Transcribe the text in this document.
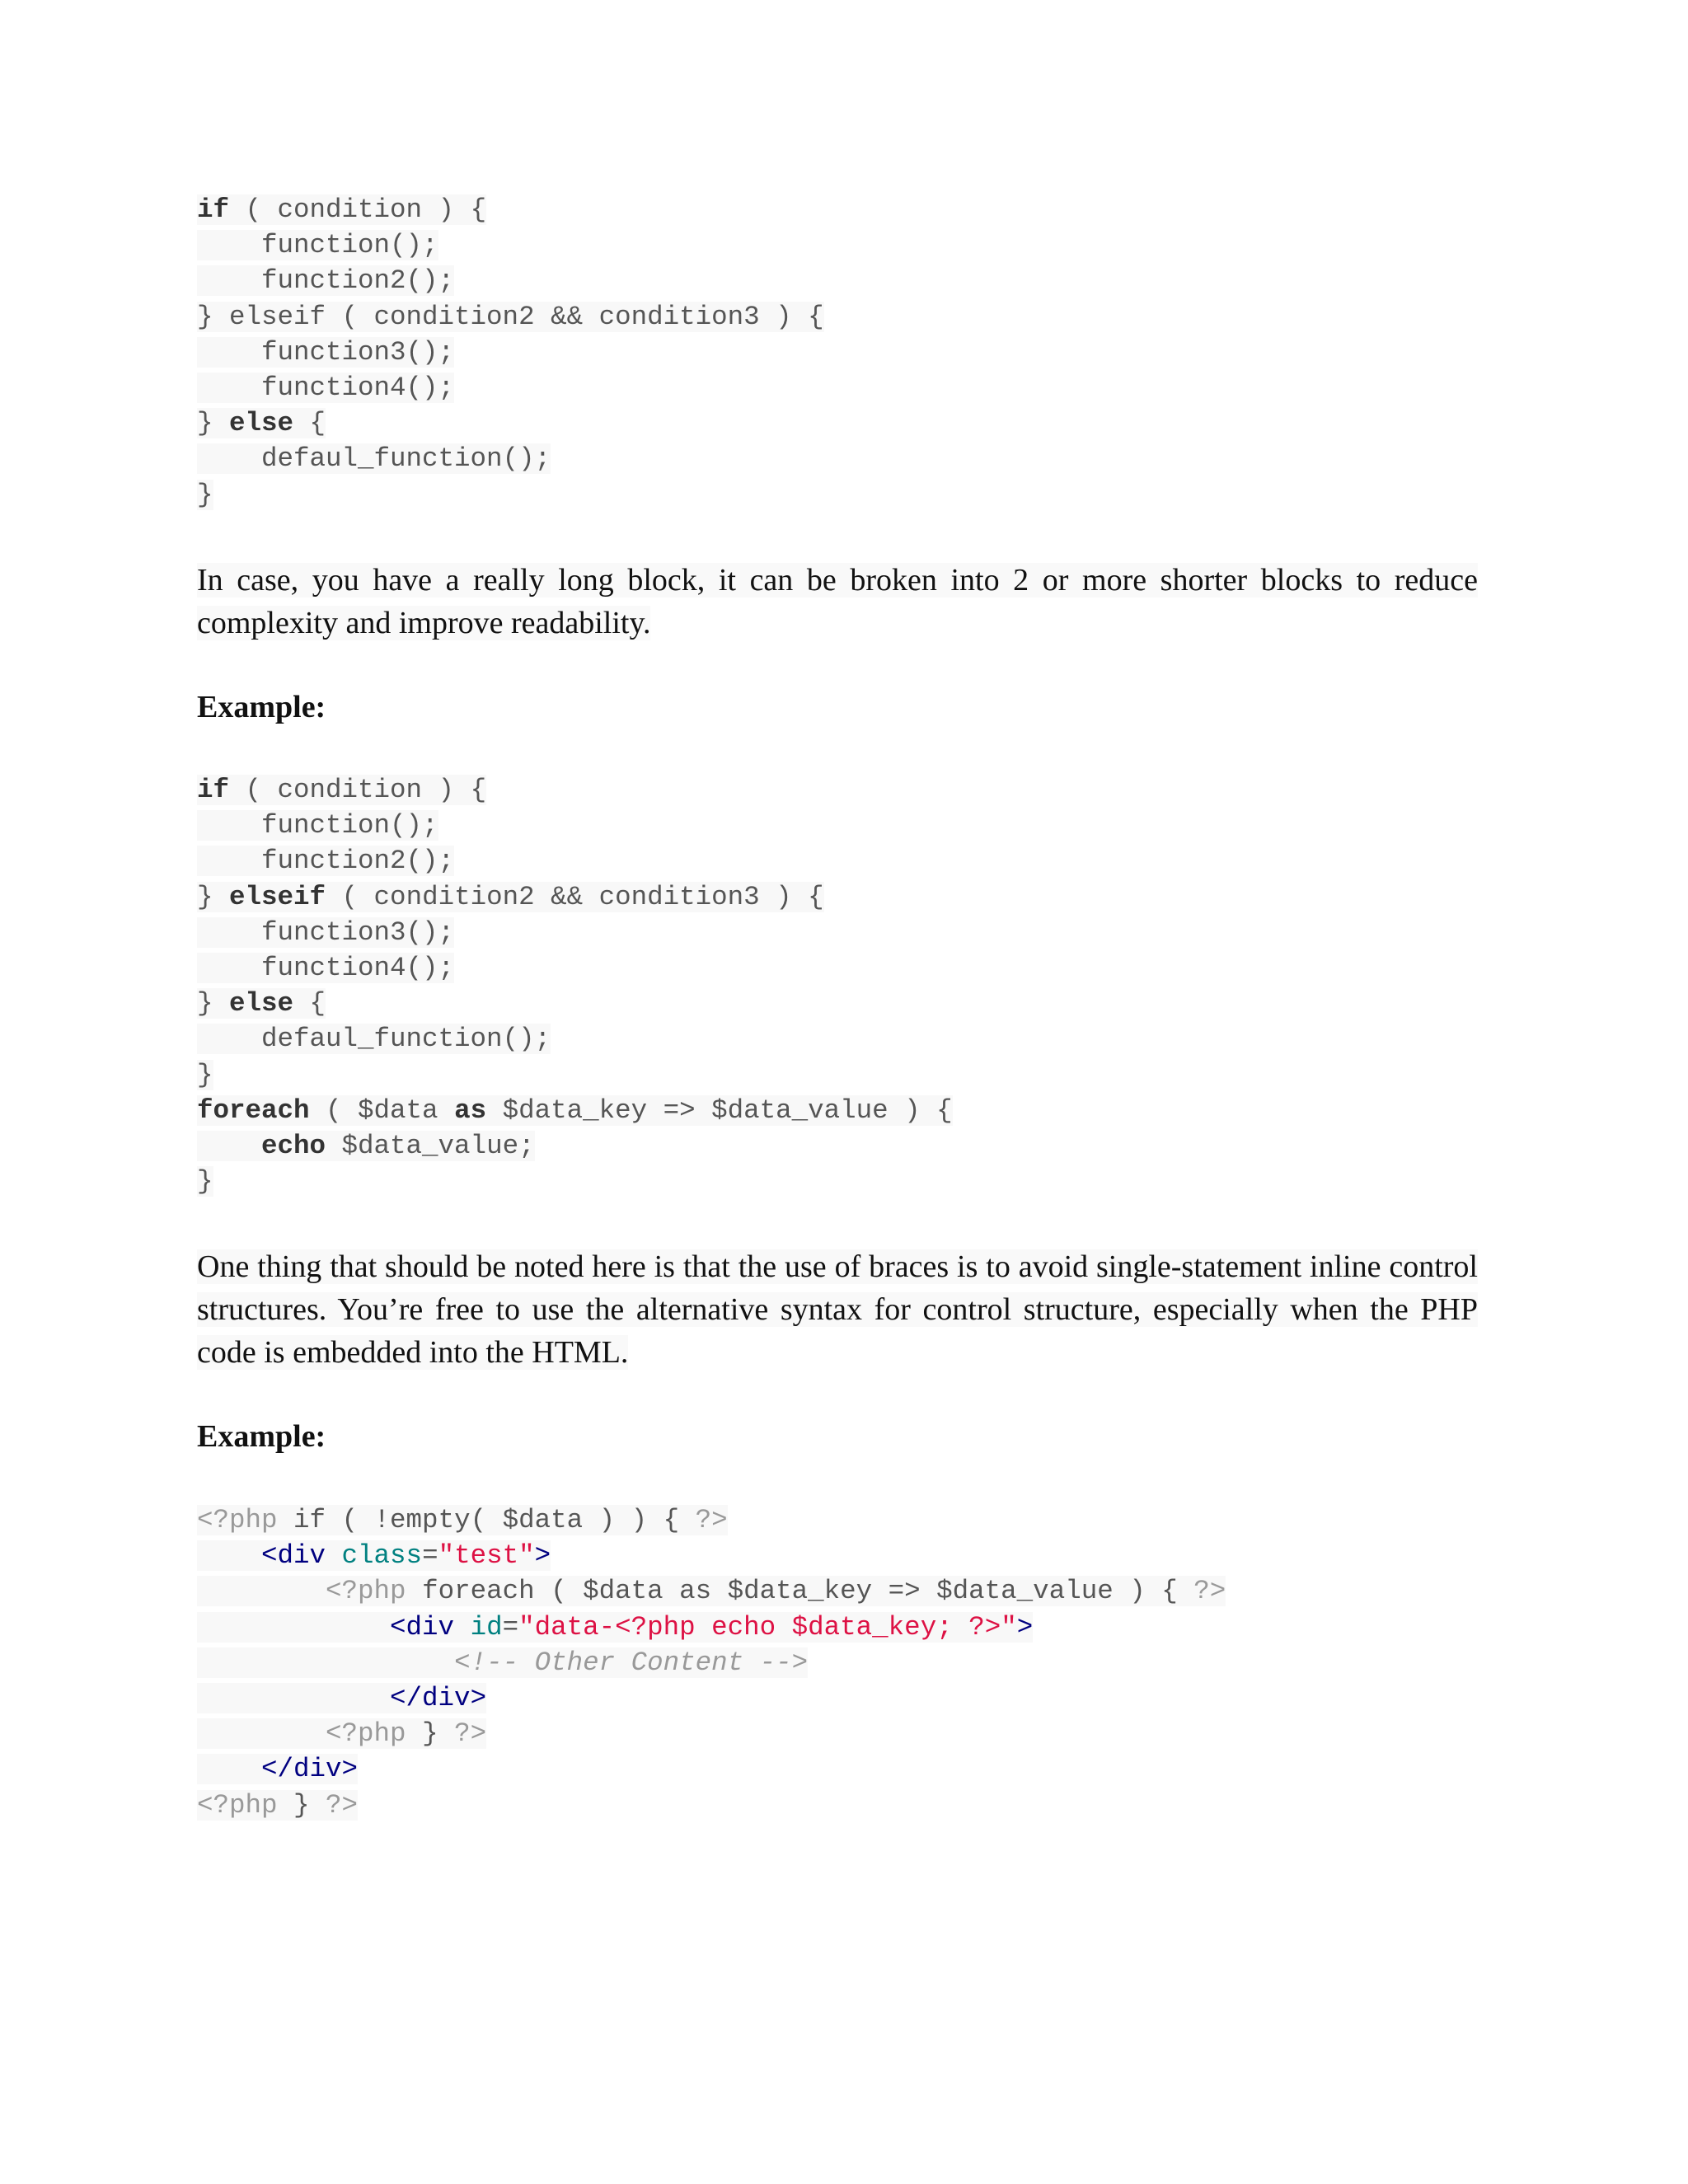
if ( condition ) {
function();
function2();
} elseif ( condition2 && condition3 ) {
function3();
function4();
} else {
defaul_function();
}
In case, you have a really long block, it can be broken into 2 or more shorter blocks to reduce complexity and improve readability.
Example:
if ( condition ) {
function();
function2();
} elseif ( condition2 && condition3 ) {
function3();
function4();
} else {
defaul_function();
}
foreach ( $data as $data_key => $data_value ) {
echo $data_value;
}
One thing that should be noted here is that the use of braces is to avoid single-statement inline control structures. You’re free to use the alternative syntax for control structure, especially when the PHP code is embedded into the HTML.
Example:
<?php if ( !empty( $data ) ) { ?>
<div class="test">
<?php foreach ( $data as $data_key => $data_value ) { ?>
<div id="data-<?php echo $data_key; ?>">
<!-- Other Content -->
</div>
<?php } ?>
</div>
<?php } ?>
